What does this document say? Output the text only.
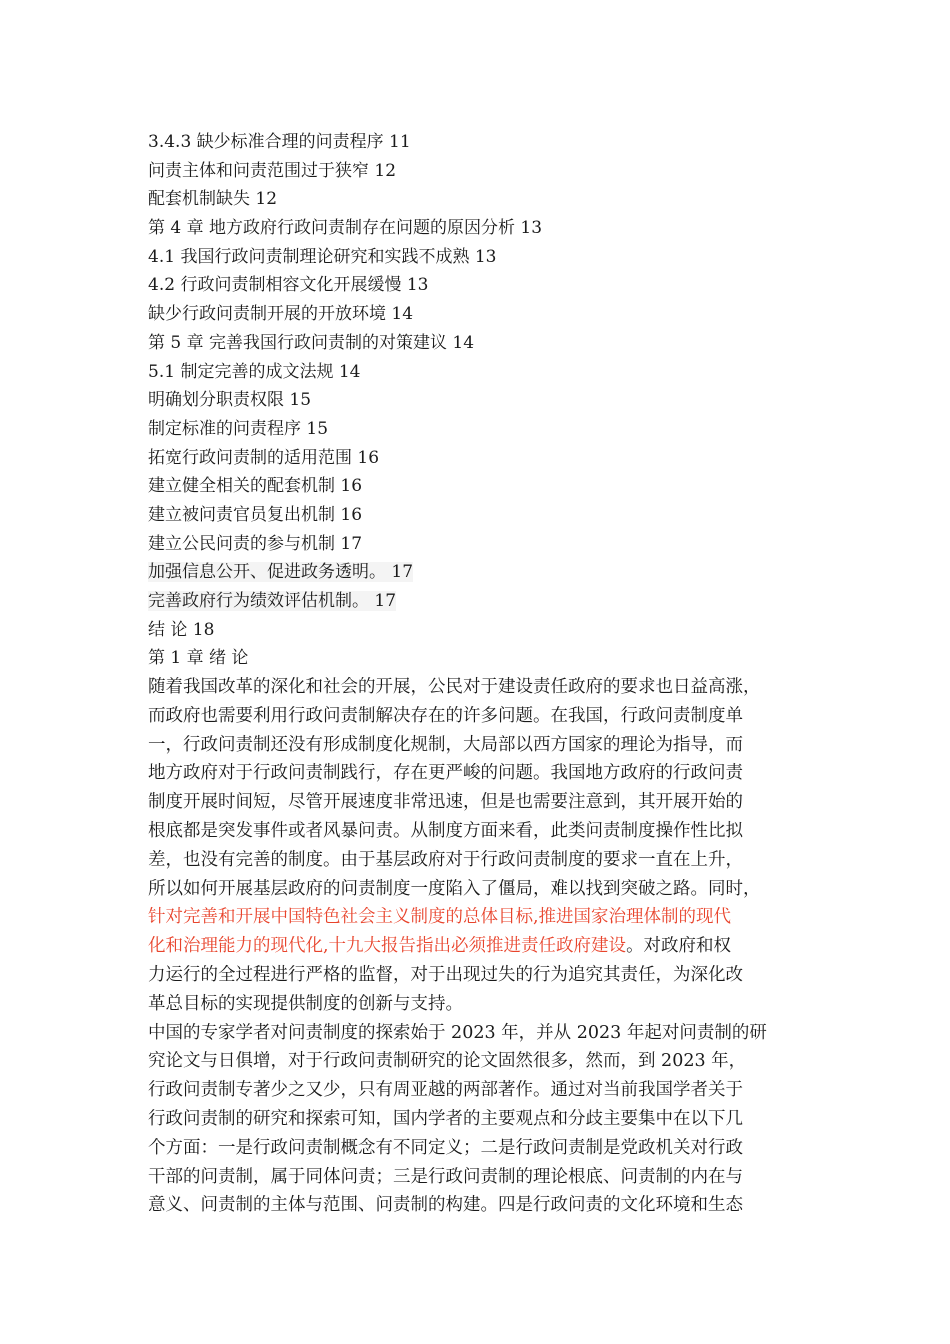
3.4.3 缺少标准合理的问责程序 11
问责主体和问责范围过于狭窄 12
配套机制缺失 12
第 4 章 地方政府行政问责制存在问题的原因分析 13
4.1 我国行政问责制理论研究和实践不成熟 13
4.2 行政问责制相容文化开展缓慢 13
缺少行政问责制开展的开放环境 14
第 5 章 完善我国行政问责制的对策建议 14
5.1 制定完善的成文法规 14
明确划分职责权限 15
制定标准的问责程序 15
拓宽行政问责制的适用范围 16
建立健全相关的配套机制 16
建立被问责官员复出机制 16
建立公民问责的参与机制 17
加强信息公开、促进政务透明。 17
完善政府行为绩效评估机制。 17
结 论 18
第 1 章 绪 论

随着我国改革的深化和社会的开展，公民对于建设责任政府的要求也日益高涨，
而政府也需要利用行政问责制解决存在的许多问题。在我国，行政问责制度单
一，行政问责制还没有形成制度化规制，大局部以西方国家的理论为指导，而
地方政府对于行政问责制践行，存在更严峻的问题。我国地方政府的行政问责
制度开展时间短，尽管开展速度非常迅速，但是也需要注意到，其开展开始的
根底都是突发事件或者风暴问责。从制度方面来看，此类问责制度操作性比拟
差，也没有完善的制度。由于基层政府对于行政问责制度的要求一直在上升，
所以如何开展基层政府的问责制度一度陷入了僵局，难以找到突破之路。同时，
针对完善和开展中国特色社会主义制度的总体目标,推进国家治理体制的现代
化和治理能力的现代化,十九大报告指出必须推进责任政府建设。对政府和权
力运行的全过程进行严格的监督，对于出现过失的行为追究其责任，为深化改
革总目标的实现提供制度的创新与支持。

中国的专家学者对问责制度的探索始于 2023 年，并从 2023 年起对问责制的研
究论文与日俱增，对于行政问责制研究的论文固然很多，然而，到 2023 年，
行政问责制专著少之又少，只有周亚越的两部著作。通过对当前我国学者关于
行政问责制的研究和探索可知，国内学者的主要观点和分歧主要集中在以下几
个方面：一是行政问责制概念有不同定义；二是行政问责制是党政机关对行政
干部的问责制，属于同体问责；三是行政问责制的理论根底、问责制的内在与
意义、问责制的主体与范围、问责制的构建。四是行政问责的文化环境和生态
